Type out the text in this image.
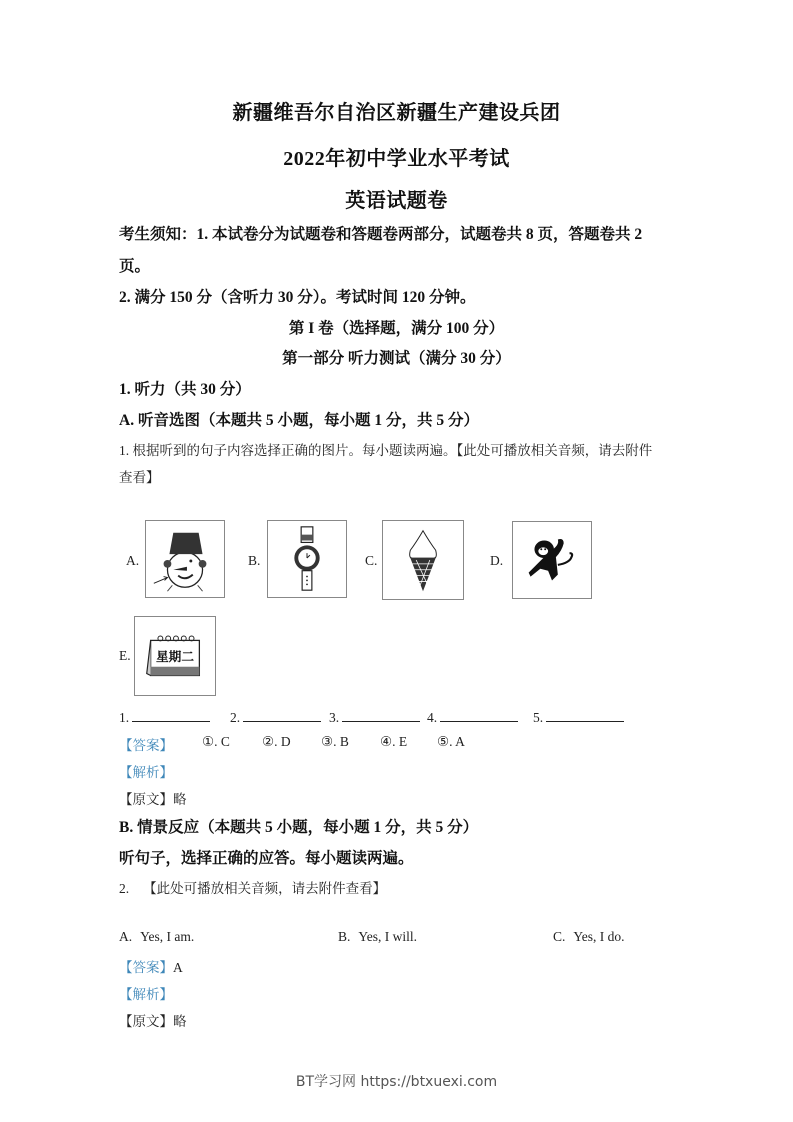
新疆维吾尔自治区新疆生产建设兵团
2022年初中学业水平考试
英语试题卷
考生须知：1. 本试卷分为试题卷和答题卷两部分，试题卷共 8 页，答题卷共 2
页。
2. 满分 150 分（含听力 30 分）。考试时间 120 分钟。
第 I 卷（选择题，满分 100 分）
第一部分 听力测试（满分 30 分）
1. 听力（共 30 分）
A. 听音选图（本题共 5 小题，每小题 1 分，共 5 分）
1. 根据听到的句子内容选择正确的图片。每小题读两遍。【此处可播放相关音频，请去附件
查看】
A.	B.	C.	D.
E. 星期二
1.	2.	3.	4.	5.
【答案】 ①. C ②. D ③. B ④. E ⑤. A
【解析】
【原文】略
B. 情景反应（本题共 5 小题，每小题 1 分，共 5 分）
听句子，选择正确的应答。每小题读两遍。
2. 【此处可播放相关音频，请去附件查看】
A. Yes, I am.	B. Yes, I will.	C. Yes, I do.
【答案】A
【解析】
【原文】略
BT学习网 https://btxuexi.com
